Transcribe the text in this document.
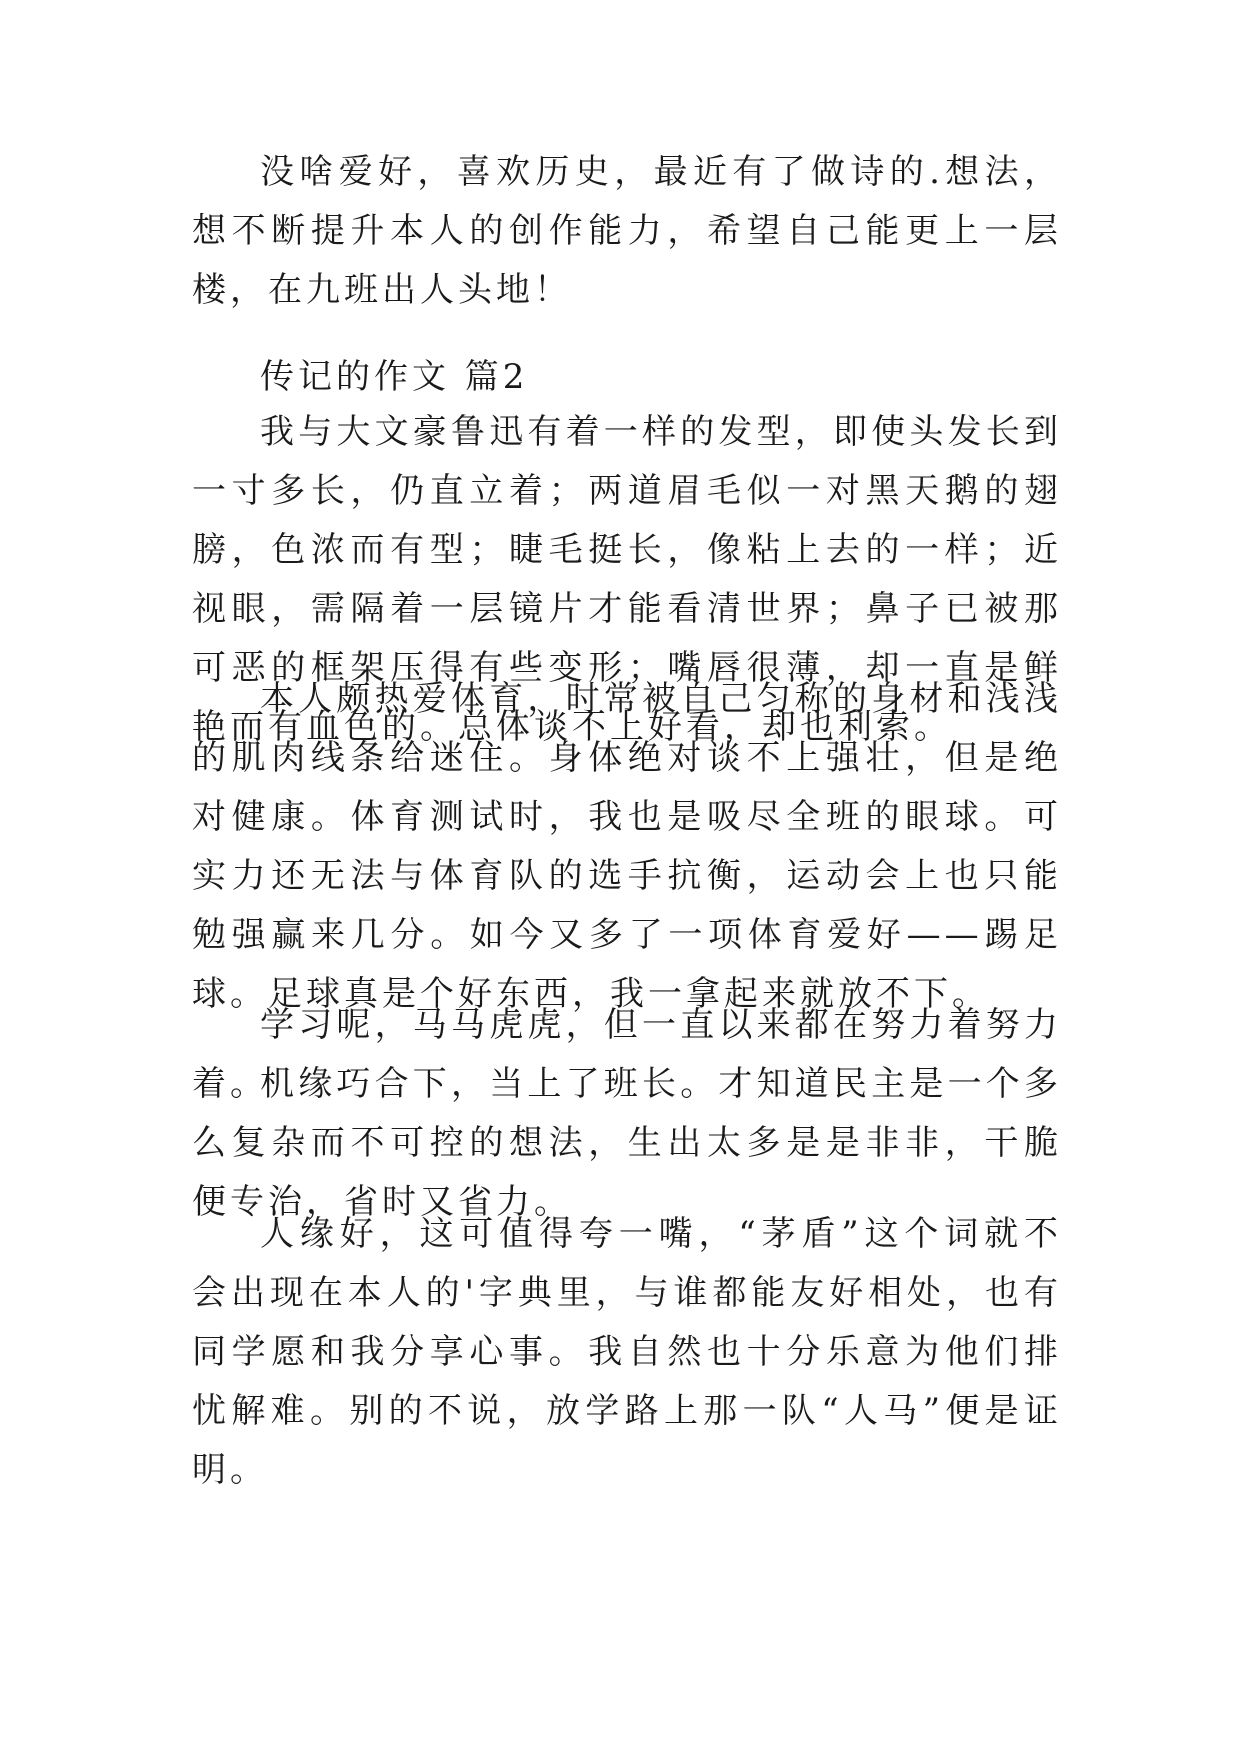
没啥爱好，喜欢历史，最近有了做诗的.想法，想不断提升本人的创作能力，希望自己能更上一层楼，在九班出人头地！

传记的作文 篇2

我与大文豪鲁迅有着一样的发型，即使头发长到一寸多长，仍直立着；两道眉毛似一对黑天鹅的翅膀，色浓而有型；睫毛挺长，像粘上去的一样；近视眼，需隔着一层镜片才能看清世界；鼻子已被那可恶的框架压得有些变形；嘴唇很薄，却一直是鲜艳而有血色的。总体谈不上好看，却也利索。

本人颇热爱体育，时常被自己匀称的身材和浅浅的肌肉线条给迷住。身体绝对谈不上强壮，但是绝对健康。体育测试时，我也是吸尽全班的眼球。可实力还无法与体育队的选手抗衡，运动会上也只能勉强赢来几分。如今又多了一项体育爱好——踢足球。足球真是个好东西，我一拿起来就放不下。

学习呢，马马虎虎，但一直以来都在努力着努力着。

机缘巧合下，当上了班长。才知道民主是一个多么复杂而不可控的想法，生出太多是是非非，干脆便专治，省时又省力。

人缘好，这可值得夸一嘴，“茅盾”这个词就不会出现在本人的'字典里，与谁都能友好相处，也有同学愿和我分享心事。我自然也十分乐意为他们排忧解难。别的不说，放学路上那一队“人马”便是证明。
